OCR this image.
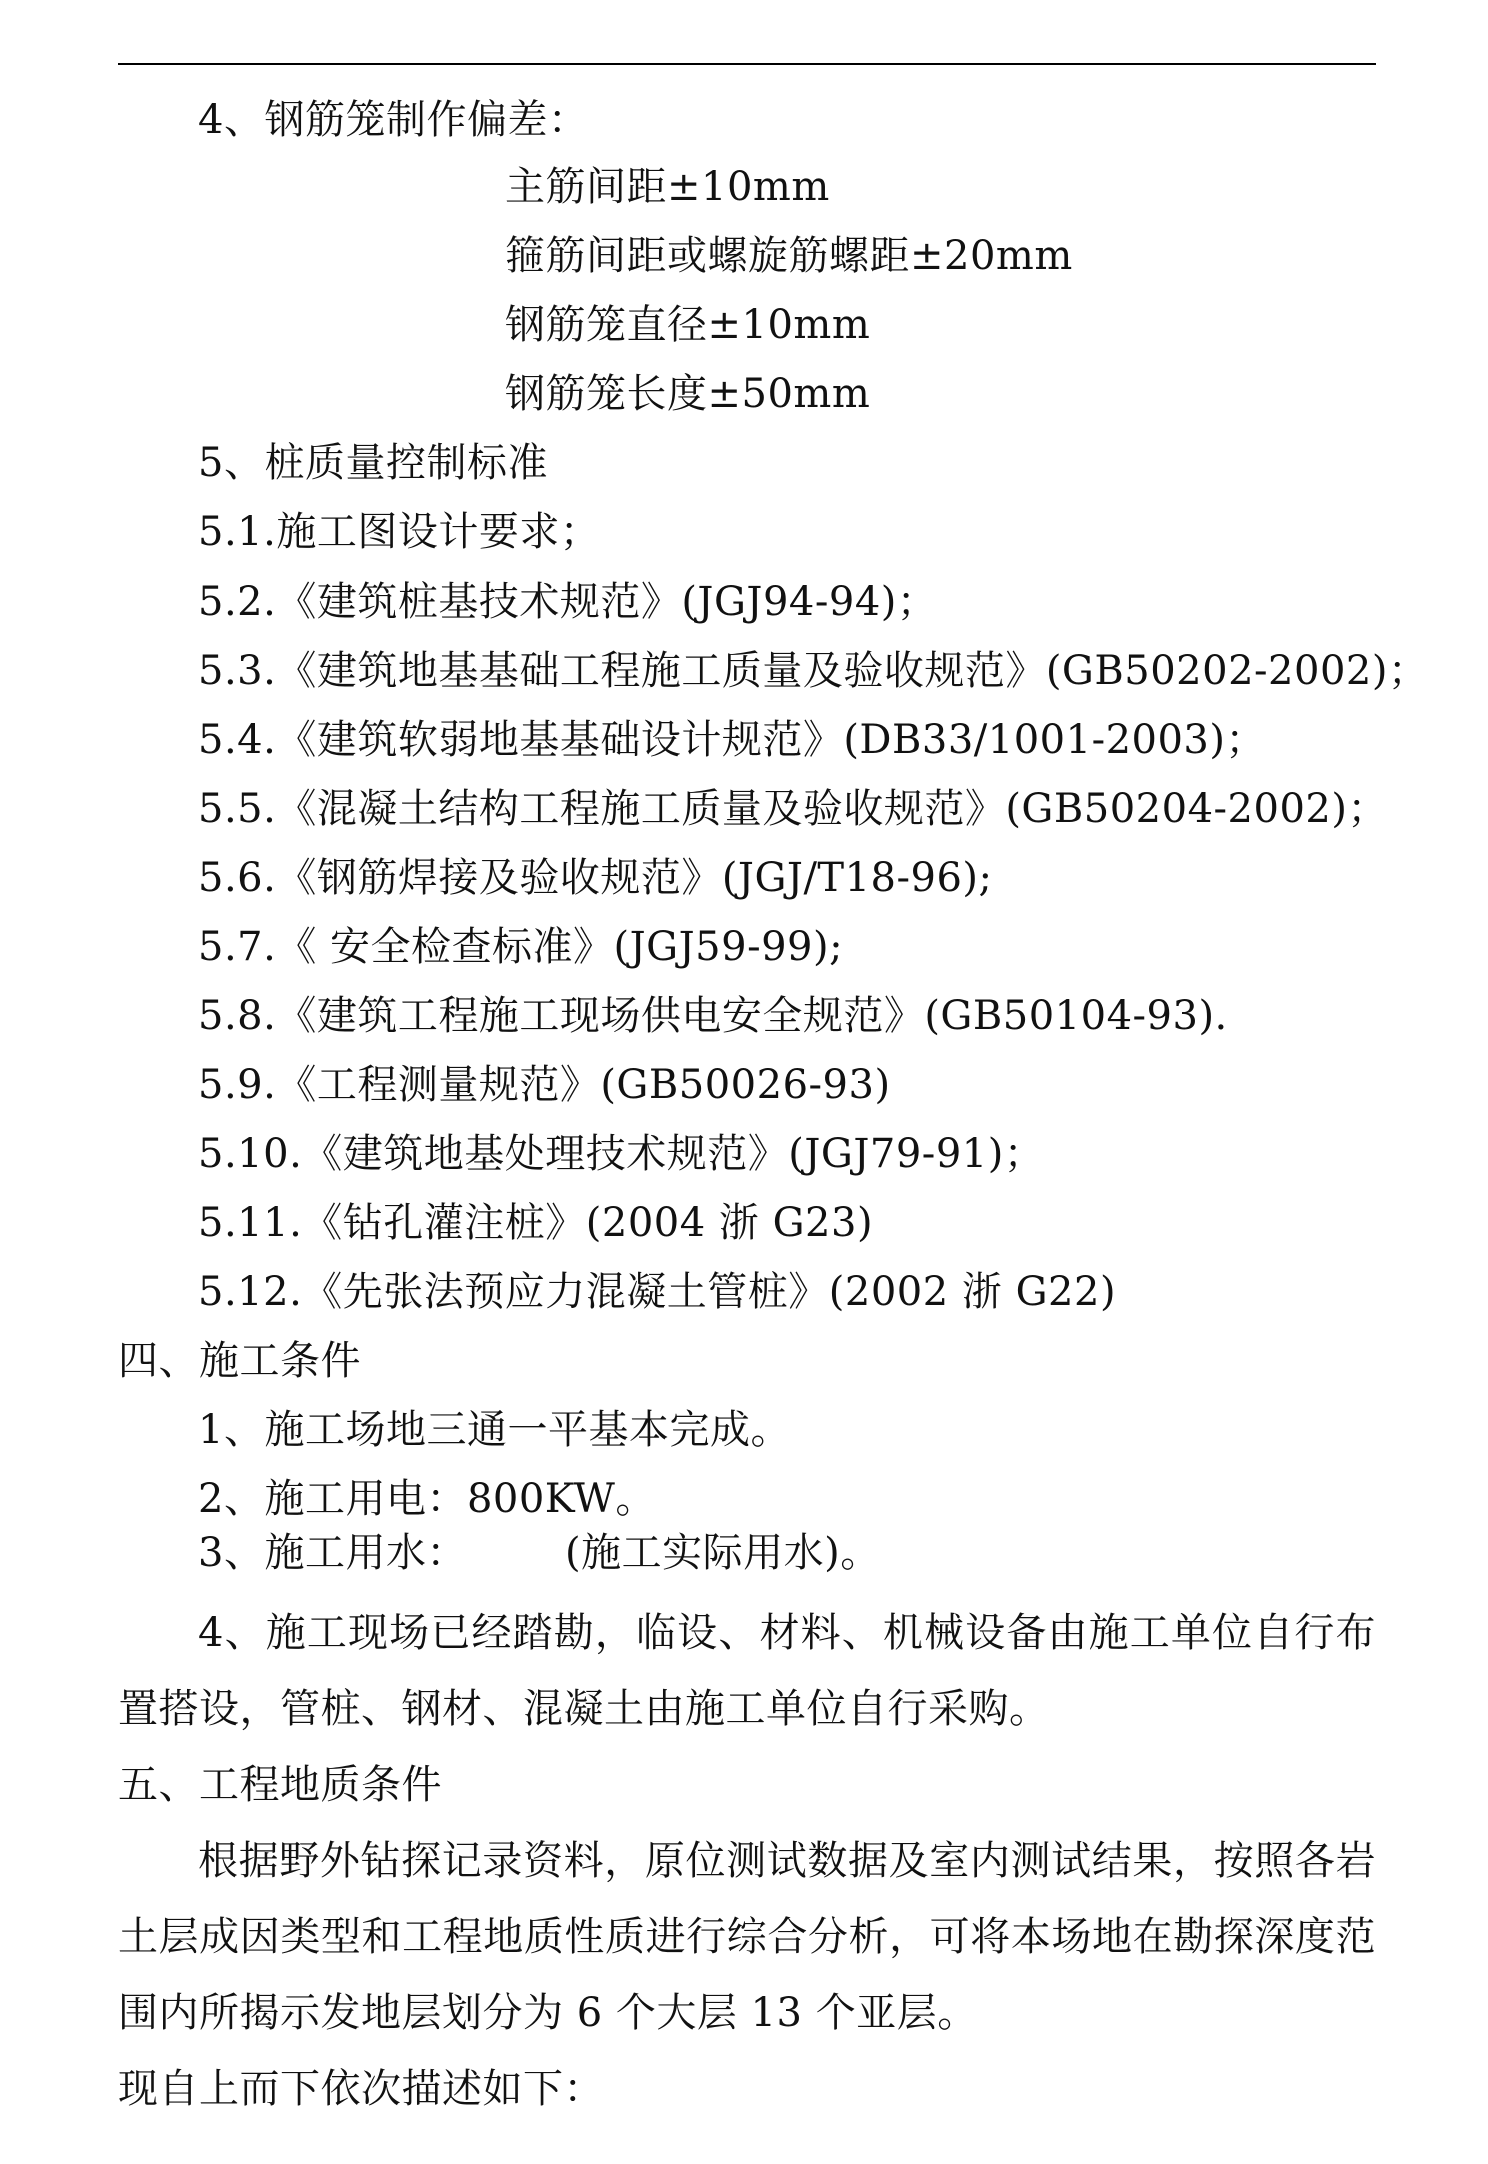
4、钢筋笼制作偏差：
主筋间距±10mm
箍筋间距或螺旋筋螺距±20mm
钢筋笼直径±10mm
钢筋笼长度±50mm
5、桩质量控制标准
5.1.施工图设计要求；
5.2.《建筑桩基技术规范》(JGJ94-94)；
5.3.《建筑地基基础工程施工质量及验收规范》(GB50202-2002)；
5.4.《建筑软弱地基基础设计规范》(DB33/1001-2003)；
5.5.《混凝土结构工程施工质量及验收规范》(GB50204-2002)；
5.6.《钢筋焊接及验收规范》(JGJ/T18-96);
5.7.《 安全检查标准》(JGJ59-99);
5.8.《建筑工程施工现场供电安全规范》(GB50104-93).
5.9.《工程测量规范》(GB50026-93)
5.10.《建筑地基处理技术规范》(JGJ79-91)；
5.11.《钻孔灌注桩》(2004 浙 G23)
5.12.《先张法预应力混凝土管桩》(2002 浙 G22)
四、施工条件
1、施工场地三通一平基本完成。
2、施工用电：800KW。
3、施工用水： (施工实际用水)。
4、施工现场已经踏勘，临设、材料、机械设备由施工单位自行布
置搭设，管桩、钢材、混凝土由施工单位自行采购。
五、工程地质条件
根据野外钻探记录资料，原位测试数据及室内测试结果，按照各岩
土层成因类型和工程地质性质进行综合分析，可将本场地在勘探深度范
围内所揭示发地层划分为 6 个大层 13 个亚层。
现自上而下依次描述如下：
